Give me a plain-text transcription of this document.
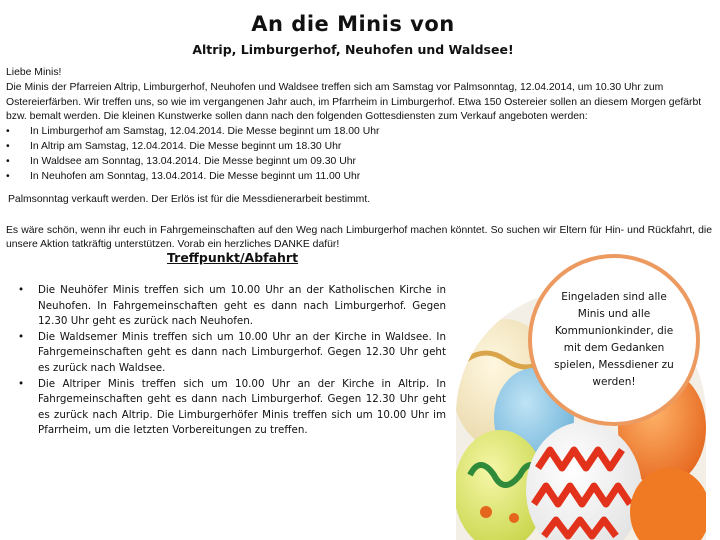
An die Minis von
Altrip, Limburgerhof, Neuhofen und Waldsee!

Liebe Minis!

Die Minis der Pfarreien Altrip, Limburgerhof, Neuhofen und Waldsee treffen sich am Samstag vor Palmsonntag, 12.04.2014, um 10.30 Uhr zum Ostereierfärben. Wir treffen uns, so wie im vergangenen Jahr auch, im Pfarrheim in Limburgerhof. Etwa 150 Ostereier sollen an diesem Morgen gefärbt bzw. bemalt werden. Die kleinen Kunstwerke sollen dann nach den folgenden Gottesdiensten zum Verkauf angeboten werden:

• In Limburgerhof am Samstag, 12.04.2014. Die Messe beginnt um 18.00 Uhr
• In Altrip am Samstag, 12.04.2014. Die Messe beginnt um 18.30 Uhr
• In Waldsee am Sonntag, 13.04.2014. Die Messe beginnt um 09.30 Uhr
• In Neuhofen am Sonntag, 13.04.2014. Die Messe beginnt um 11.00 Uhr

Palmsonntag verkauft werden. Der Erlös ist für die Messdienerarbeit bestimmt.

Es wäre schön, wenn ihr euch in Fahrgemeinschaften auf den Weg nach Limburgerhof machen könntet. So suchen wir Eltern für Hin- und Rückfahrt, die unsere Aktion tatkräftig unterstützen. Vorab ein herzliches DANKE dafür!

Treffpunkt/Abfahrt
• Die Neuhöfer Minis treffen sich um 10.00 Uhr an der Katholischen Kirche in Neuhofen. In Fahrgemeinschaften geht es dann nach Limburgerhof. Gegen 12.30 Uhr geht es zurück nach Neuhofen.
• Die Waldsemer Minis treffen sich um 10.00 Uhr an der Kirche in Waldsee. In Fahrgemeinschaften geht es dann nach Limburgerhof. Gegen 12.30 Uhr geht es zurück nach Waldsee.
• Die Altriper Minis treffen sich um 10.00 Uhr an der Kirche in Altrip. In Fahrgemeinschaften geht es dann nach Limburgerhof. Gegen 12.30 Uhr geht es zurück nach Altrip. Die Limburgerhöfer Minis treffen sich um 10.00 Uhr im Pfarrheim, um die letzten Vorbereitungen zu treffen.
Eingeladen sind alle Minis und alle Kommunionkinder, die mit dem Gedanken spielen, Messdiener zu werden!
